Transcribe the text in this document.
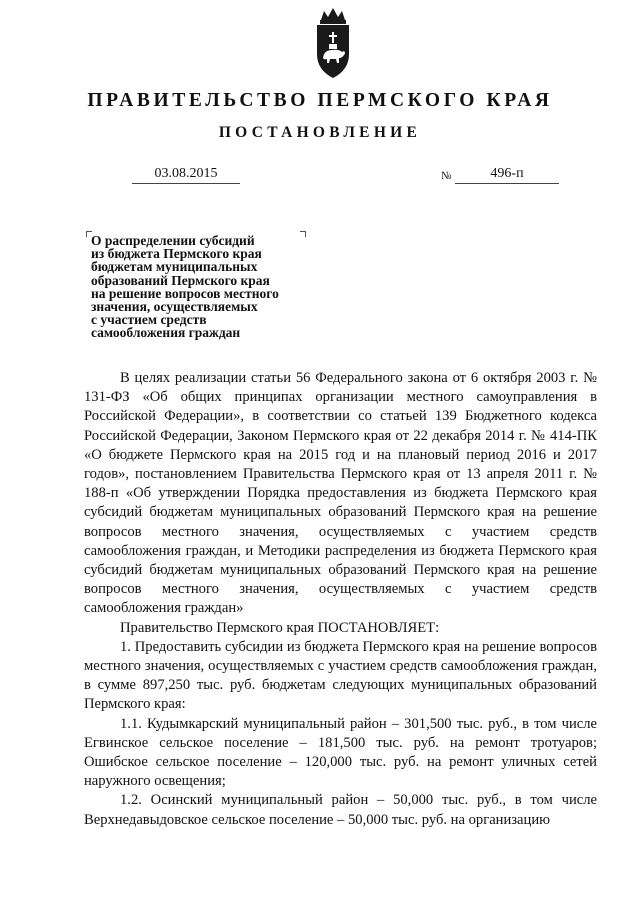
ПРАВИТЕЛЬСТВО ПЕРМСКОГО КРАЯ
ПОСТАНОВЛЕНИЕ
03.08.2015	№	496-п
О распределении субсидий
из бюджета Пермского края
бюджетам муниципальных
образований Пермского края
на решение вопросов местного
значения, осуществляемых
с участием средств
самообложения граждан

В целях реализации статьи 56 Федерального закона от 6 октября 2003 г. № 131-ФЗ «Об общих принципах организации местного самоуправления в Российской Федерации», в соответствии со статьей 139 Бюджетного кодекса Российской Федерации, Законом Пермского края от 22 декабря 2014 г. № 414-ПК «О бюджете Пермского края на 2015 год и на плановый период 2016 и 2017 годов», постановлением Правительства Пермского края от 13 апреля 2011 г. № 188-п «Об утверждении Порядка предоставления из бюджета Пермского края субсидий бюджетам муниципальных образований Пермского края на решение вопросов местного значения, осуществляемых с участием средств самообложения граждан, и Методики распределения из бюджета Пермского края субсидий бюджетам муниципальных образований Пермского края на решение вопросов местного значения, осуществляемых с участием средств самообложения граждан»

Правительство Пермского края ПОСТАНОВЛЯЕТ:

1. Предоставить субсидии из бюджета Пермского края на решение вопросов местного значения, осуществляемых с участием средств самообложения граждан, в сумме 897,250 тыс. руб. бюджетам следующих муниципальных образований Пермского края:

1.1. Кудымкарский муниципальный район – 301,500 тыс. руб., в том числе Егвинское сельское поселение – 181,500 тыс. руб. на ремонт тротуаров; Ошибское сельское поселение – 120,000 тыс. руб. на ремонт уличных сетей наружного освещения;

1.2. Осинский муниципальный район – 50,000 тыс. руб., в том числе Верхнедавыдовское сельское поселение – 50,000 тыс. руб. на организацию
